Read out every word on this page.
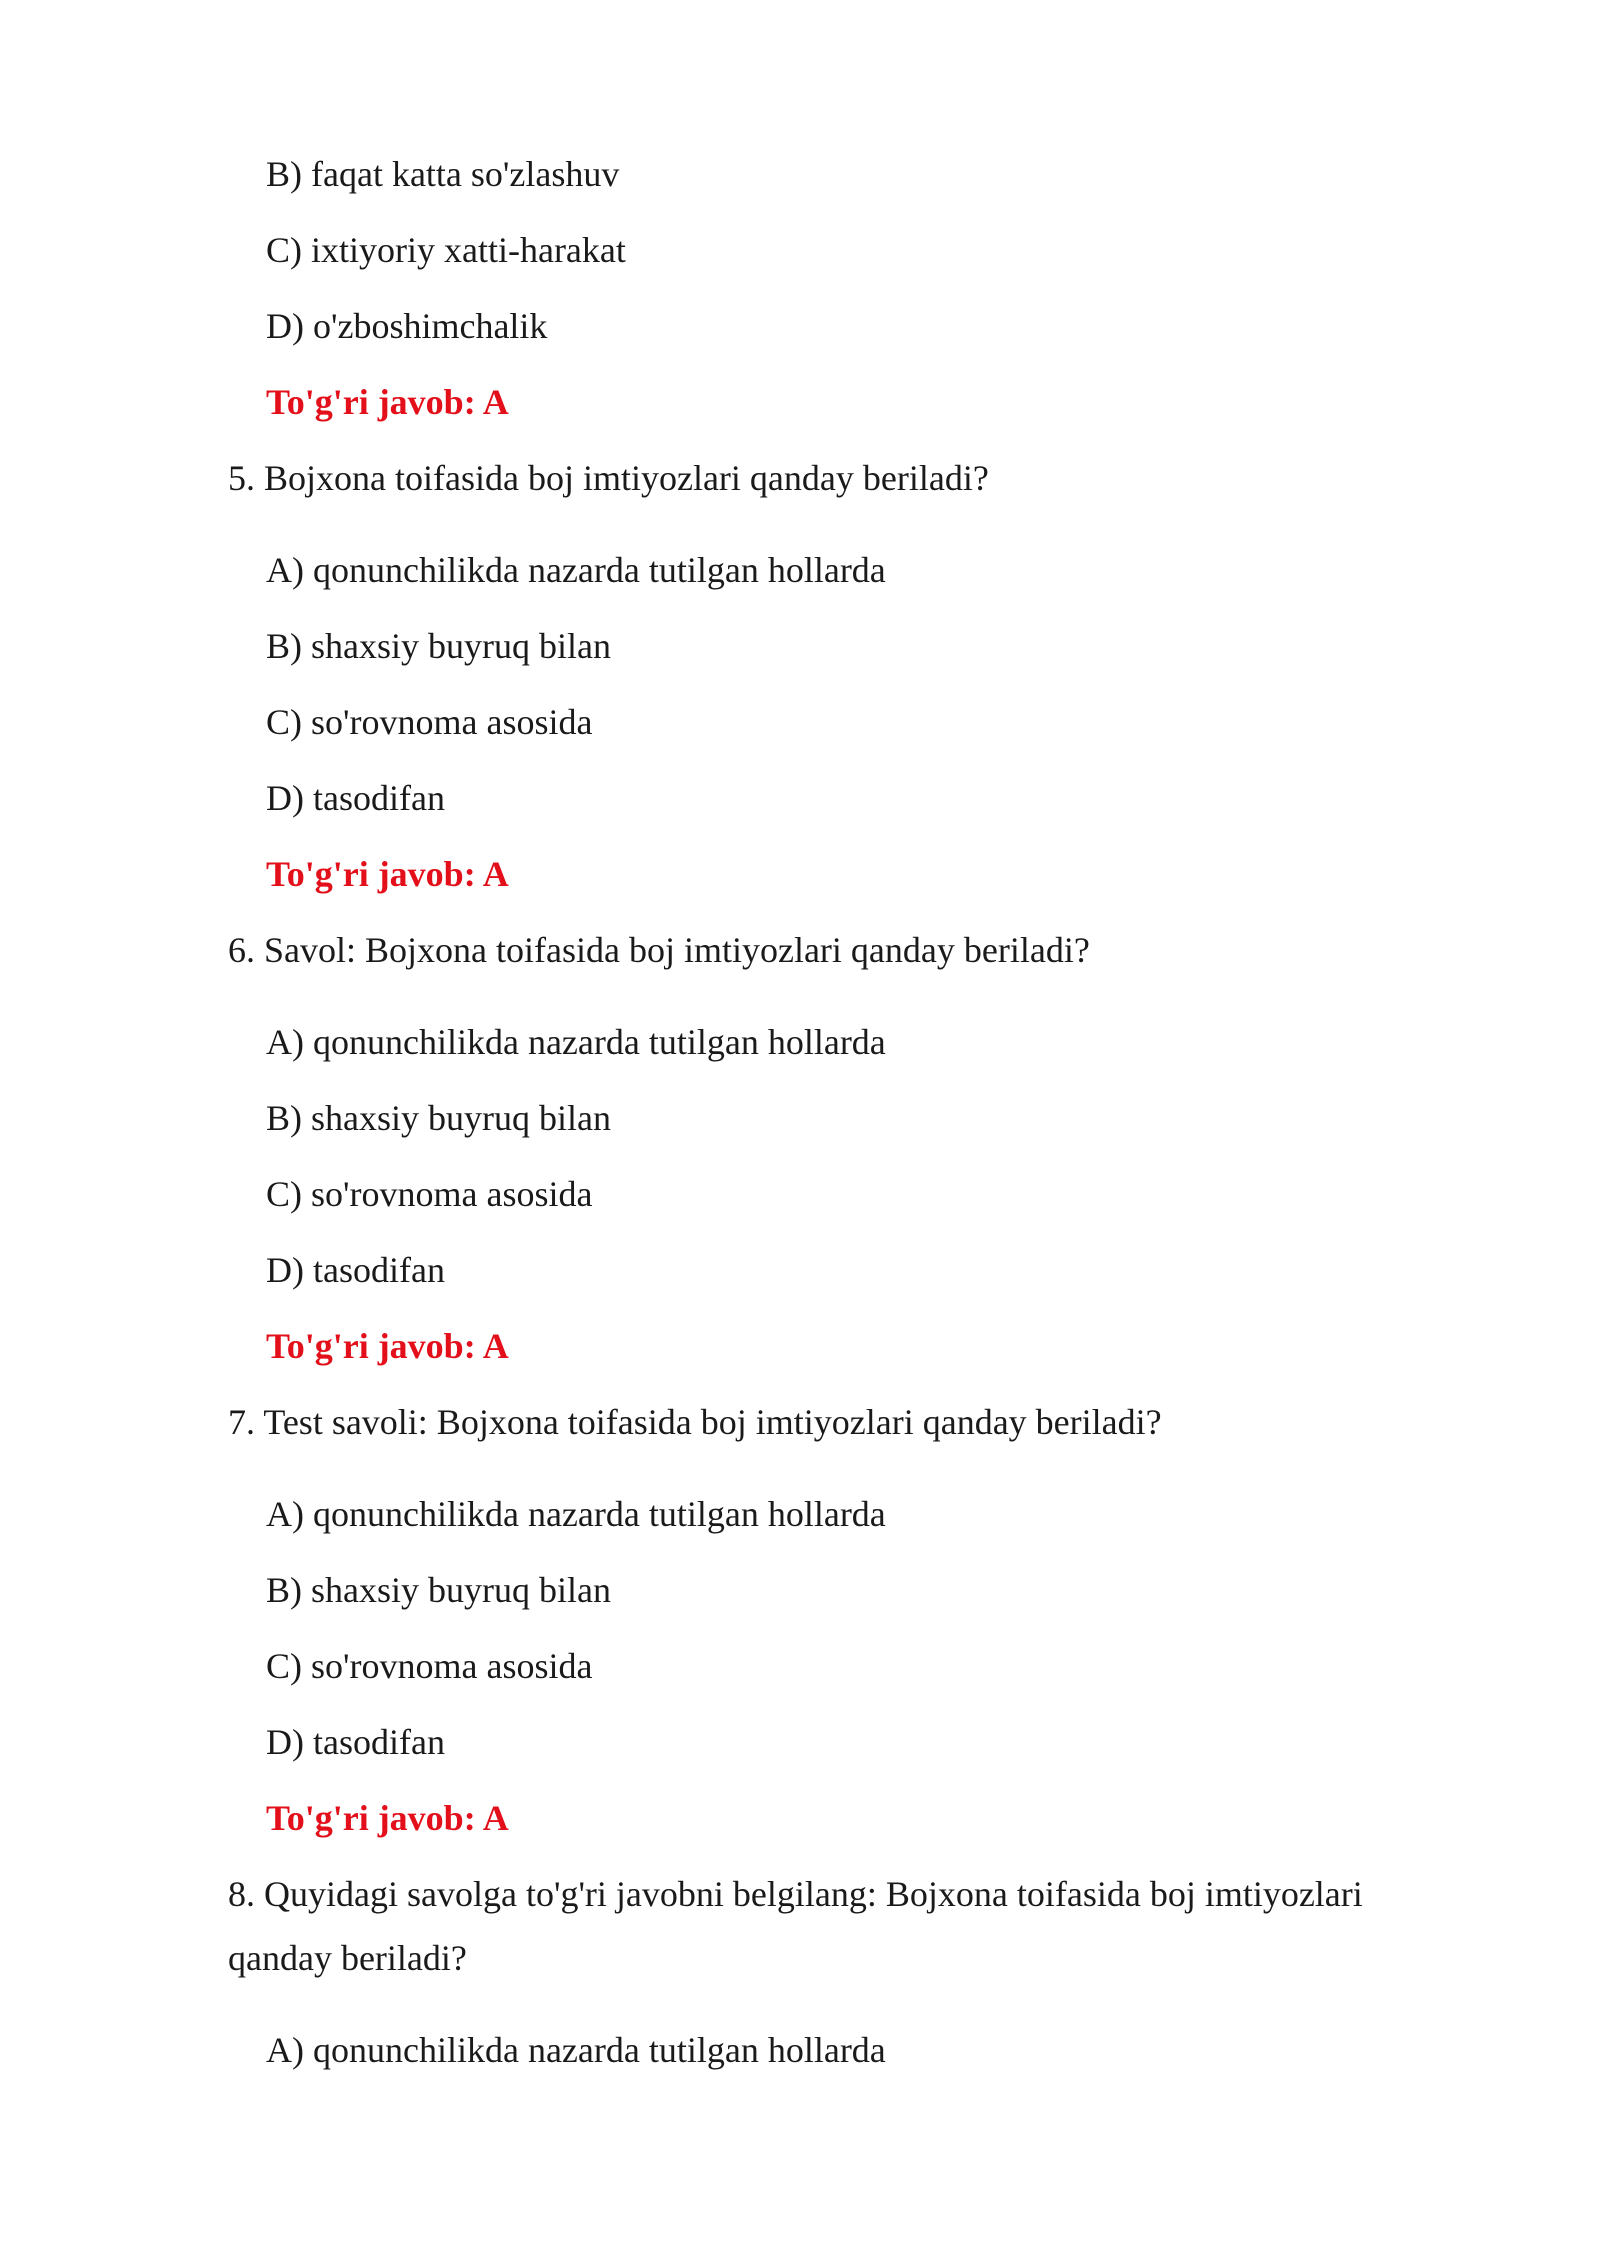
B) faqat katta so'zlashuv
C) ixtiyoriy xatti-harakat
D) o'zboshimchalik
To'g'ri javob: A
5. Bojxona toifasida boj imtiyozlari qanday beriladi?
A) qonunchilikda nazarda tutilgan hollarda
B) shaxsiy buyruq bilan
C) so'rovnoma asosida
D) tasodifan
To'g'ri javob: A
6. Savol: Bojxona toifasida boj imtiyozlari qanday beriladi?
A) qonunchilikda nazarda tutilgan hollarda
B) shaxsiy buyruq bilan
C) so'rovnoma asosida
D) tasodifan
To'g'ri javob: A
7. Test savoli: Bojxona toifasida boj imtiyozlari qanday beriladi?
A) qonunchilikda nazarda tutilgan hollarda
B) shaxsiy buyruq bilan
C) so'rovnoma asosida
D) tasodifan
To'g'ri javob: A
8. Quyidagi savolga to'g'ri javobni belgilang: Bojxona toifasida boj imtiyozlari
qanday beriladi?
A) qonunchilikda nazarda tutilgan hollarda
